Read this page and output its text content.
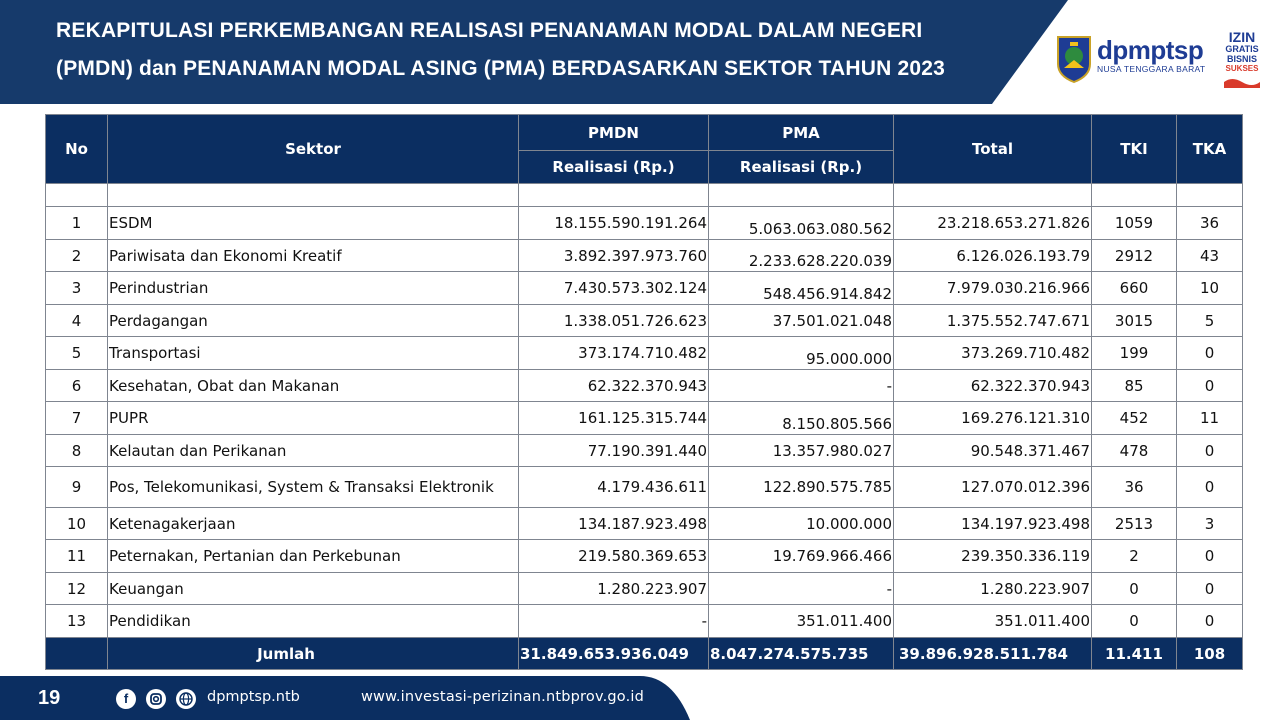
REKAPITULASI PERKEMBANGAN REALISASI PENANAMAN MODAL DALAM NEGERI
(PMDN) dan PENANAMAN MODAL ASING (PMA) BERDASARKAN SEKTOR TAHUN 2023
dpmptsp
NUSA TENGGARA BARAT
IZIN
GRATIS
BISNIS
SUKSES
No	Sektor	PMDN	PMA	Total	TKI	TKA
		Realisasi (Rp.)	Realisasi (Rp.)			

1	ESDM	18.155.590.191.264	5.063.063.080.562	23.218.653.271.826	1059	36
2	Pariwisata dan Ekonomi Kreatif	3.892.397.973.760	2.233.628.220.039	6.126.026.193.79	2912	43
3	Perindustrian	7.430.573.302.124	548.456.914.842	7.979.030.216.966	660	10
4	Perdagangan	1.338.051.726.623	37.501.021.048	1.375.552.747.671	3015	5
5	Transportasi	373.174.710.482	95.000.000	373.269.710.482	199	0
6	Kesehatan, Obat dan Makanan	62.322.370.943	-	62.322.370.943	85	0
7	PUPR	161.125.315.744	8.150.805.566	169.276.121.310	452	11
8	Kelautan dan Perikanan	77.190.391.440	13.357.980.027	90.548.371.467	478	0
9	Pos, Telekomunikasi, System & Transaksi Elektronik	4.179.436.611	122.890.575.785	127.070.012.396	36	0
10	Ketenagakerjaan	134.187.923.498	10.000.000	134.197.923.498	2513	3
11	Peternakan, Pertanian dan Perkebunan	219.580.369.653	19.769.966.466	239.350.336.119	2	0
12	Keuangan	1.280.223.907	-	1.280.223.907	0	0
13	Pendidikan	-	351.011.400	351.011.400	0	0
	Jumlah	31.849.653.936.049	8.047.274.575.735	39.896.928.511.784	11.411	108
19	f	dpmptsp.ntb	www.investasi-perizinan.ntbprov.go.id
